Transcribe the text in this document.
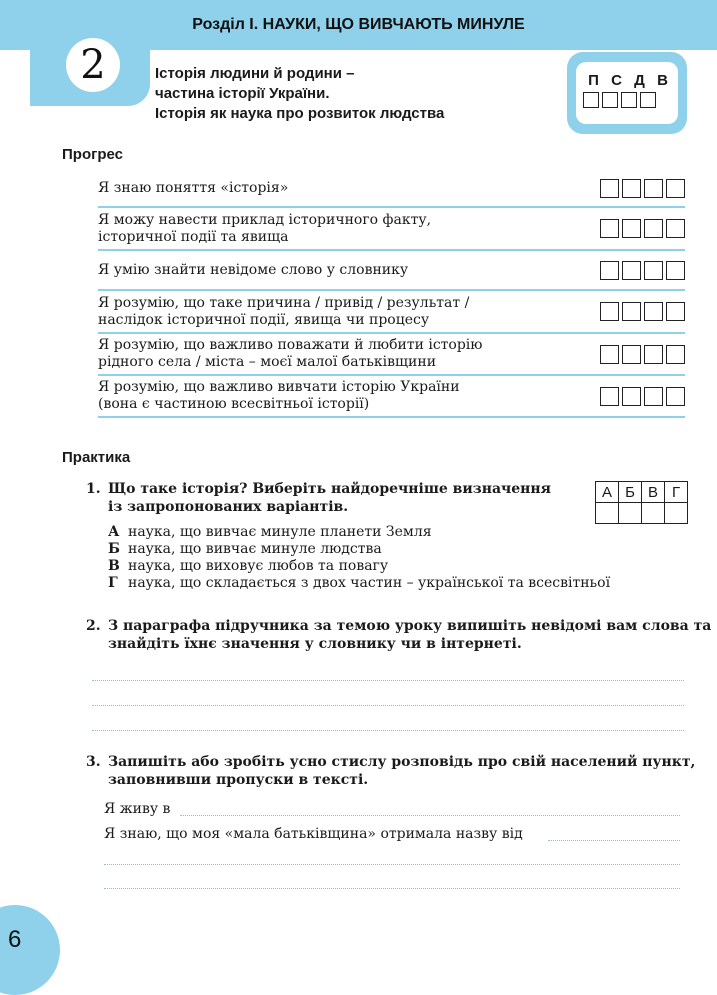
Розділ І. НАУКИ, ЩО ВИВЧАЮТЬ МИНУЛЕ
2	Історія людини й родини –
частина історії України.
Історія як наука про розвиток людства
П С Д В
Прогрес
Я знаю поняття «історія»
Я можу навести приклад історичного факту,
історичної події та явища
Я умію знайти невідоме слово у словнику
Я розумію, що таке причина / привід / результат /
наслідок історичної події, явища чи процесу
Я розумію, що важливо поважати й любити історію
рідного села / міста – моєї малої батьківщини
Я розумію, що важливо вивчати історію України
(вона є частиною всесвітньої історії)
Практика
1. Що таке історія? Виберіть найдоречніше визначення
із запропонованих варіантів.
А	Б	В	Г

А наука, що вивчає минуле планети Земля
Б наука, що вивчає минуле людства
В наука, що виховує любов та повагу
Г наука, що складається з двох частин – української та всесвітньої
2. З параграфа підручника за темою уроку випишіть невідомі вам слова та
знайдіть їхнє значення у словнику чи в інтернеті.
3. Запишіть або зробіть усно стислу розповідь про свій населений пункт,
заповнивши пропуски в тексті.
Я живу в
Я знаю, що моя «мала батьківщина» отримала назву від
6
